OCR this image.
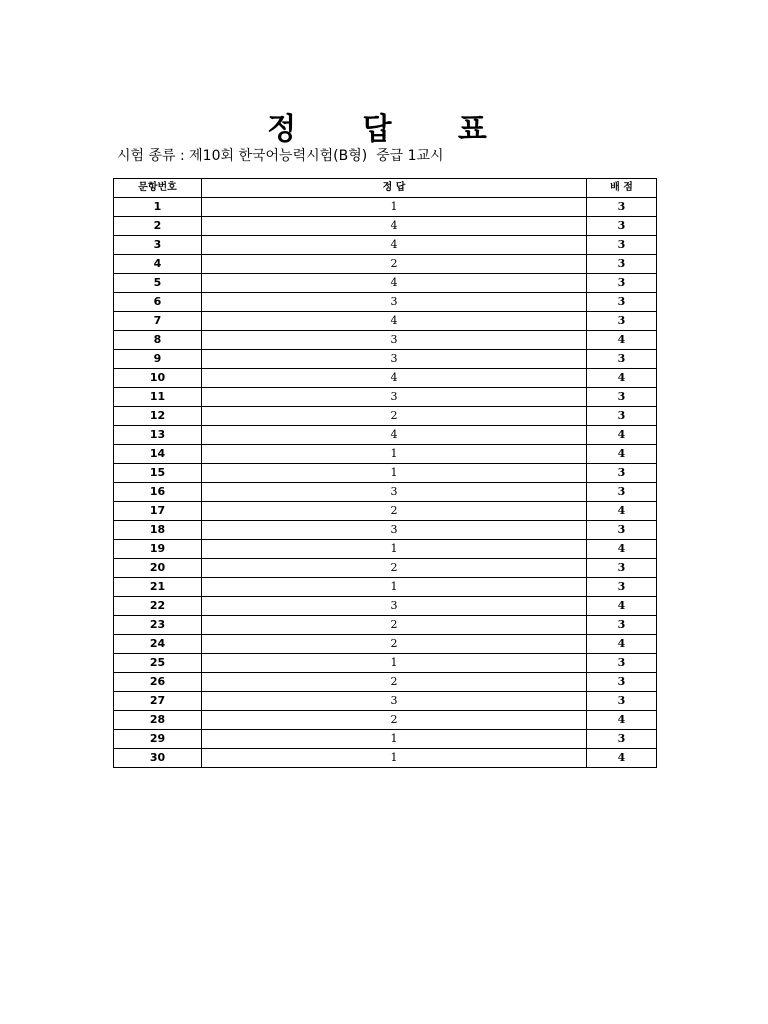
정 답 표
시험 종류 : 제10회 한국어능력시험(B형)  중급 1교시
문항번호	정 답	배 점
1	1	3
2	4	3
3	4	3
4	2	3
5	4	3
6	3	3
7	4	3
8	3	4
9	3	3
10	4	4
11	3	3
12	2	3
13	4	4
14	1	4
15	1	3
16	3	3
17	2	4
18	3	3
19	1	4
20	2	3
21	1	3
22	3	4
23	2	3
24	2	4
25	1	3
26	2	3
27	3	3
28	2	4
29	1	3
30	1	4
